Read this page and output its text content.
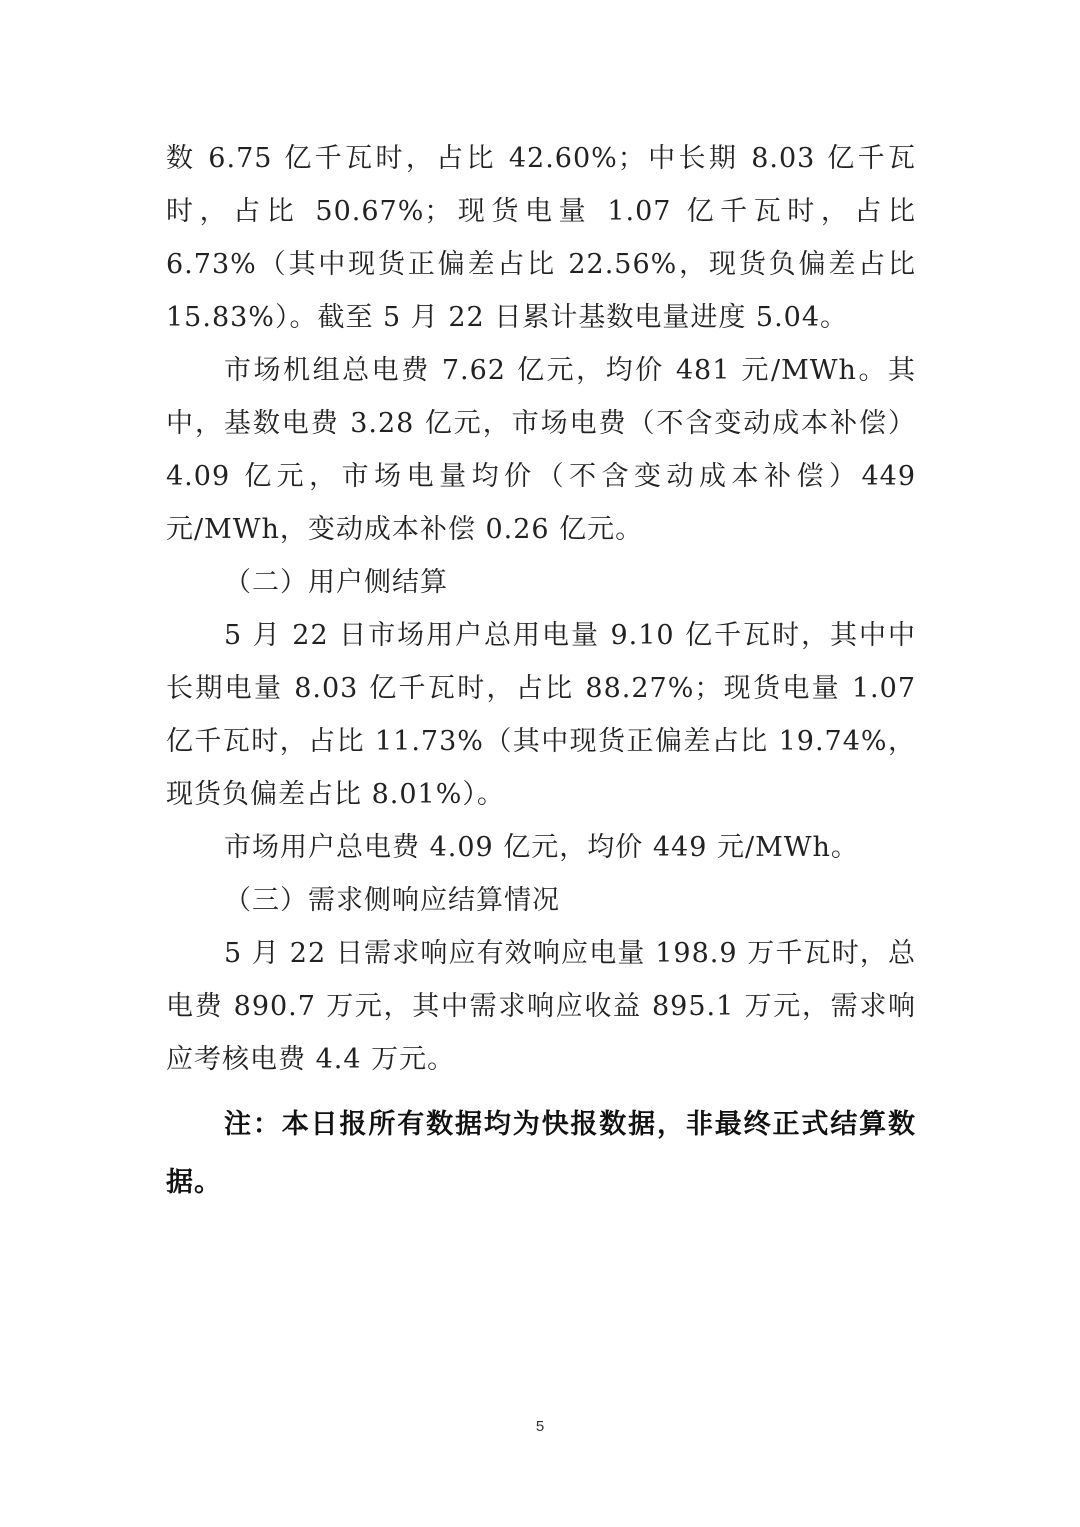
数 6.75 亿千瓦时，占比 42.60%；中长期 8.03 亿千瓦时，占比 50.67%；现货电量 1.07 亿千瓦时，占比 6.73%（其中现货正偏差占比 22.56%，现货负偏差占比 15.83%）。截至 5 月 22 日累计基数电量进度 5.04。

市场机组总电费 7.62 亿元，均价 481 元/MWh。其中，基数电费 3.28 亿元，市场电费（不含变动成本补偿）4.09 亿元，市场电量均价（不含变动成本补偿）449 元/MWh，变动成本补偿 0.26 亿元。

（二）用户侧结算

5 月 22 日市场用户总用电量 9.10 亿千瓦时，其中中长期电量 8.03 亿千瓦时，占比 88.27%；现货电量 1.07 亿千瓦时，占比 11.73%（其中现货正偏差占比 19.74%，现货负偏差占比 8.01%）。

市场用户总电费 4.09 亿元，均价 449 元/MWh。

（三）需求侧响应结算情况

5 月 22 日需求响应有效响应电量 198.9 万千瓦时，总电费 890.7 万元，其中需求响应收益 895.1 万元，需求响应考核电费 4.4 万元。

注：本日报所有数据均为快报数据，非最终正式结算数据。

5
